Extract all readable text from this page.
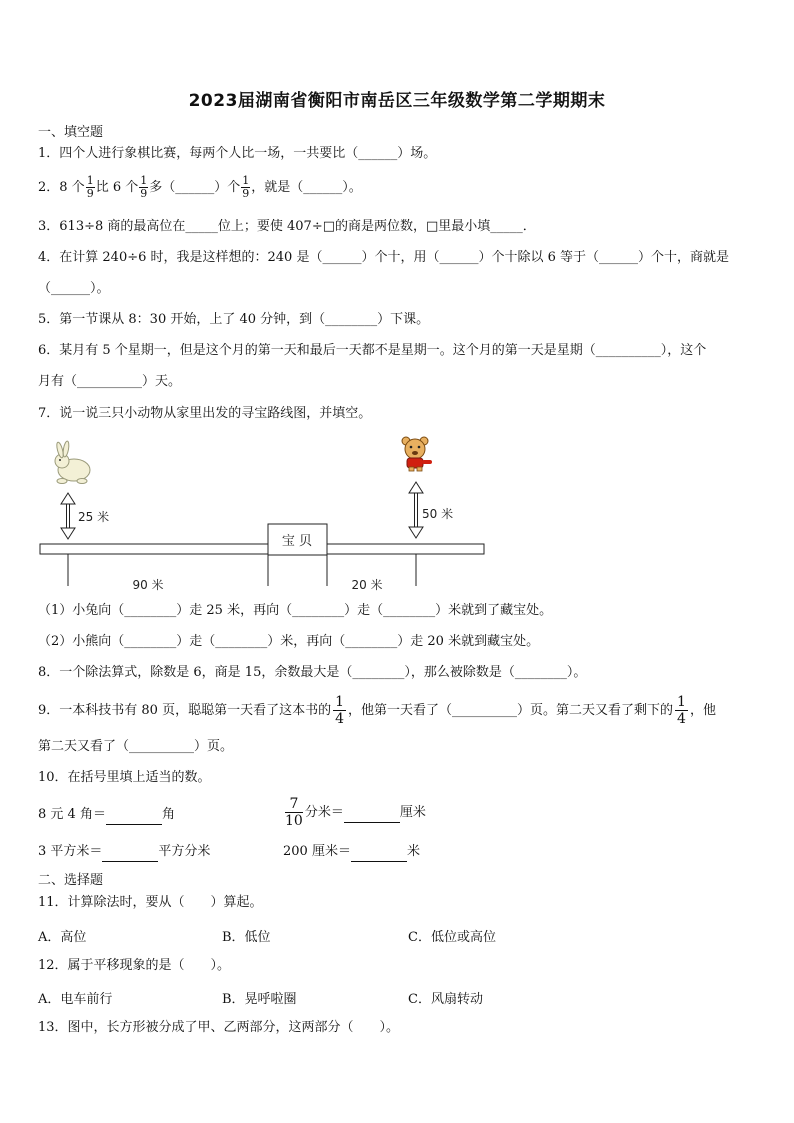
2023届湖南省衡阳市南岳区三年级数学第二学期期末
一、填空题
1．四个人进行象棋比赛，每两个人比一场，一共要比（______）场。
2．8 个 $\frac{1}{9}$ 比 6 个 $\frac{1}{9}$ 多（______）个 $\frac{1}{9}$ ，就是（______）。
3．613÷8 商的最高位在_____位上；要使 407÷□的商是两位数，□里最小填_____．
4．在计算 240÷6 时，我是这样想的：240 是（______）个十，用（______）个十除以 6 等于（______）个十，商就是
（______）。
5．第一节课从 8：30 开始，上了 40 分钟，到（________）下课。
6．某月有 5 个星期一，但是这个月的第一天和最后一天都不是星期一。这个月的第一天是星期（__________），这个
月有（__________）天。
7．说一说三只小动物从家里出发的寻宝路线图，并填空。
25 米	50 米
宝 贝
90 米	20 米
（1）小兔向（________）走 25 米，再向（________）走（________）米就到了藏宝处。
（2）小熊向（________）走（________）米，再向（________）走 20 米就到藏宝处。
8．一个除法算式，除数是 6，商是 15，余数最大是（________），那么被除数是（________）。
9．一本科技书有 80 页，聪聪第一天看了这本书的 $\frac{1}{4}$ ，他第一天看了（__________）页。第二天又看了剩下的 $\frac{1}{4}$ ，他
第二天又看了（__________）页。
10．在括号里填上适当的数。
8 元 4 角＝	角	$\frac{7}{10}$ 分米＝	厘米
3 平方米＝	平方分米	200 厘米＝	米
二、选择题
11．计算除法时，要从（　　）算起。
A．高位	B．低位	C．低位或高位
12．属于平移现象的是（　　）。
A．电车前行	B．晃呼啦圈	C．风扇转动
13．图中，长方形被分成了甲、乙两部分，这两部分（　　）。
